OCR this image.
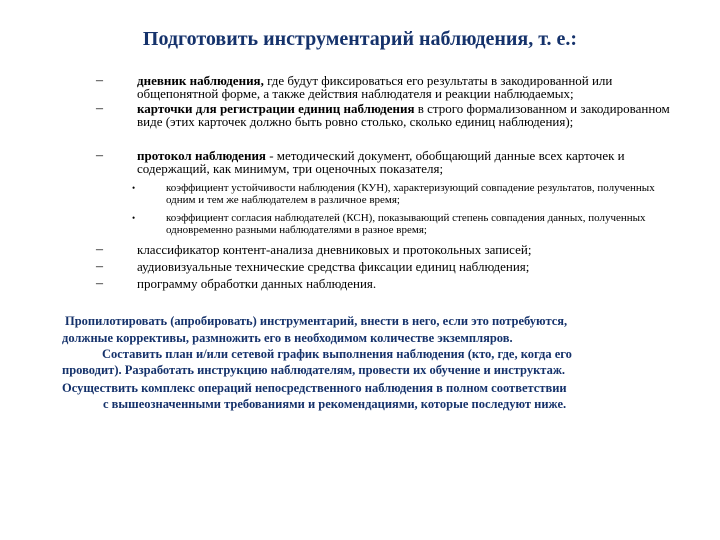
Подготовить инструментарий наблюдения, т. е.:
–	дневник наблюдения, где будут фиксироваться его результаты в закодированной или общепонятной форме, а также действия наблюдателя и реакции наблюдаемых;
–	карточки для регистрации единиц наблюдения в строго формализованном и закодированном виде (этих карточек должно быть ровно столько, сколько единиц наблюдения);
–	протокол наблюдения - методический документ, обобщающий данные всех карточек и содержащий, как минимум, три оценочных показателя;
•	коэффициент устойчивости наблюдения (КУН), характеризующий совпадение результатов, полученных одним и тем же наблюдателем в различное время;
•	коэффициент согласия наблюдателей (КСН), показывающий степень совпадения данных, полученных одновременно разными наблюдателями в разное время;
–	классификатор контент-анализа дневниковых и протокольных записей;
–	аудиовизуальные технические средства фиксации единиц наблюдения;
–	программу обработки данных наблюдения.
Пропилотировать (апробировать) инструментарий, внести в него, если это потребуются,
должные коррективы, размножить его в необходимом количестве экземпляров.
Составить план и/или сетевой график выполнения наблюдения (кто, где, когда его
проводит). Разработать инструкцию наблюдателям, провести их обучение и инструктаж.
Осуществить комплекс операций непосредственного наблюдения в полном соответствии
с вышеозначенными требованиями и рекомендациями, которые последуют ниже.
